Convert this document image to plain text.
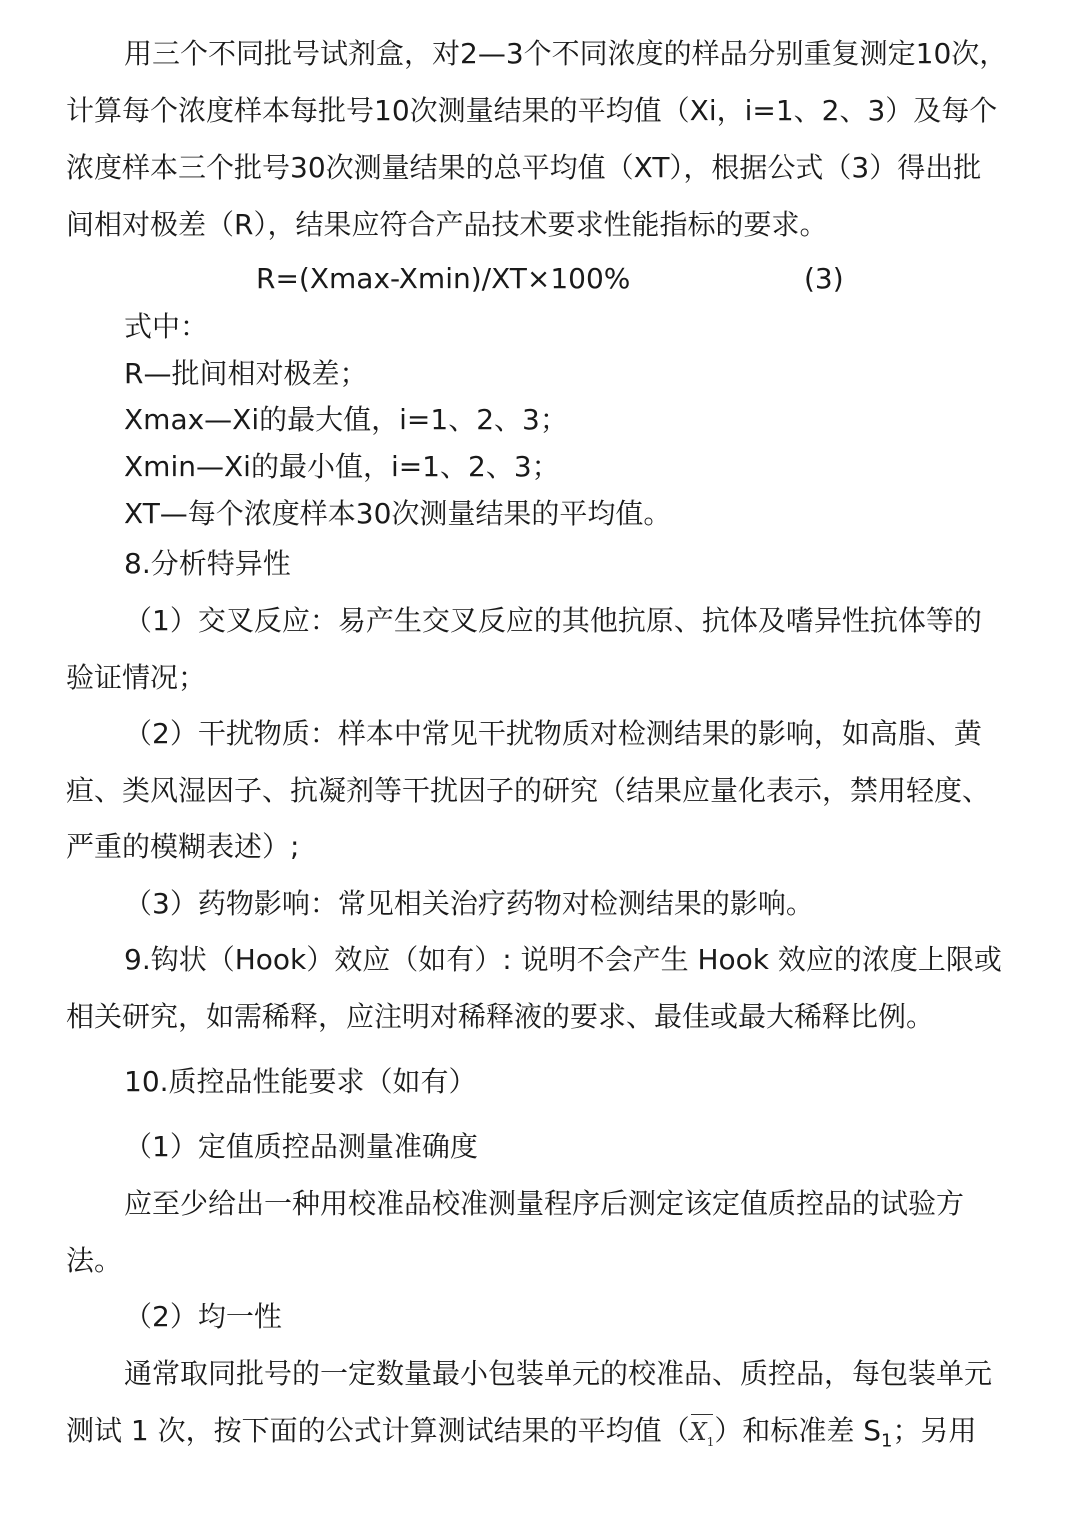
用三个不同批号试剂盒，对2—3个不同浓度的样品分别重复测定10次，
计算每个浓度样本每批号10次测量结果的平均值（Xi，i=1、2、3）及每个
浓度样本三个批号30次测量结果的总平均值（XT），根据公式（3）得出批
间相对极差（R），结果应符合产品技术要求性能指标的要求。
R=(Xmax-Xmin)/XT×100%	(3)
式中：
R—批间相对极差；
Xmax—Xi的最大值，i=1、2、3；
Xmin—Xi的最小值，i=1、2、3；
XT—每个浓度样本30次测量结果的平均值。
8.分析特异性
（1）交叉反应：易产生交叉反应的其他抗原、抗体及嗜异性抗体等的
验证情况；
（2）干扰物质：样本中常见干扰物质对检测结果的影响，如高脂、黄
疸、类风湿因子、抗凝剂等干扰因子的研究（结果应量化表示，禁用轻度、
严重的模糊表述）;
（3）药物影响：常见相关治疗药物对检测结果的影响。
9.钩状（Hook）效应（如有）: 说明不会产生 Hook 效应的浓度上限或
相关研究，如需稀释，应注明对稀释液的要求、最佳或最大稀释比例。
10.质控品性能要求（如有）
（1）定值质控品测量准确度
应至少给出一种用校准品校准测量程序后测定该定值质控品的试验方
法。
（2）均一性
通常取同批号的一定数量最小包装单元的校准品、质控品，每包装单元
测试 1 次，按下面的公式计算测试结果的平均值$(X_1)$和标准差 $S_1$；另用
